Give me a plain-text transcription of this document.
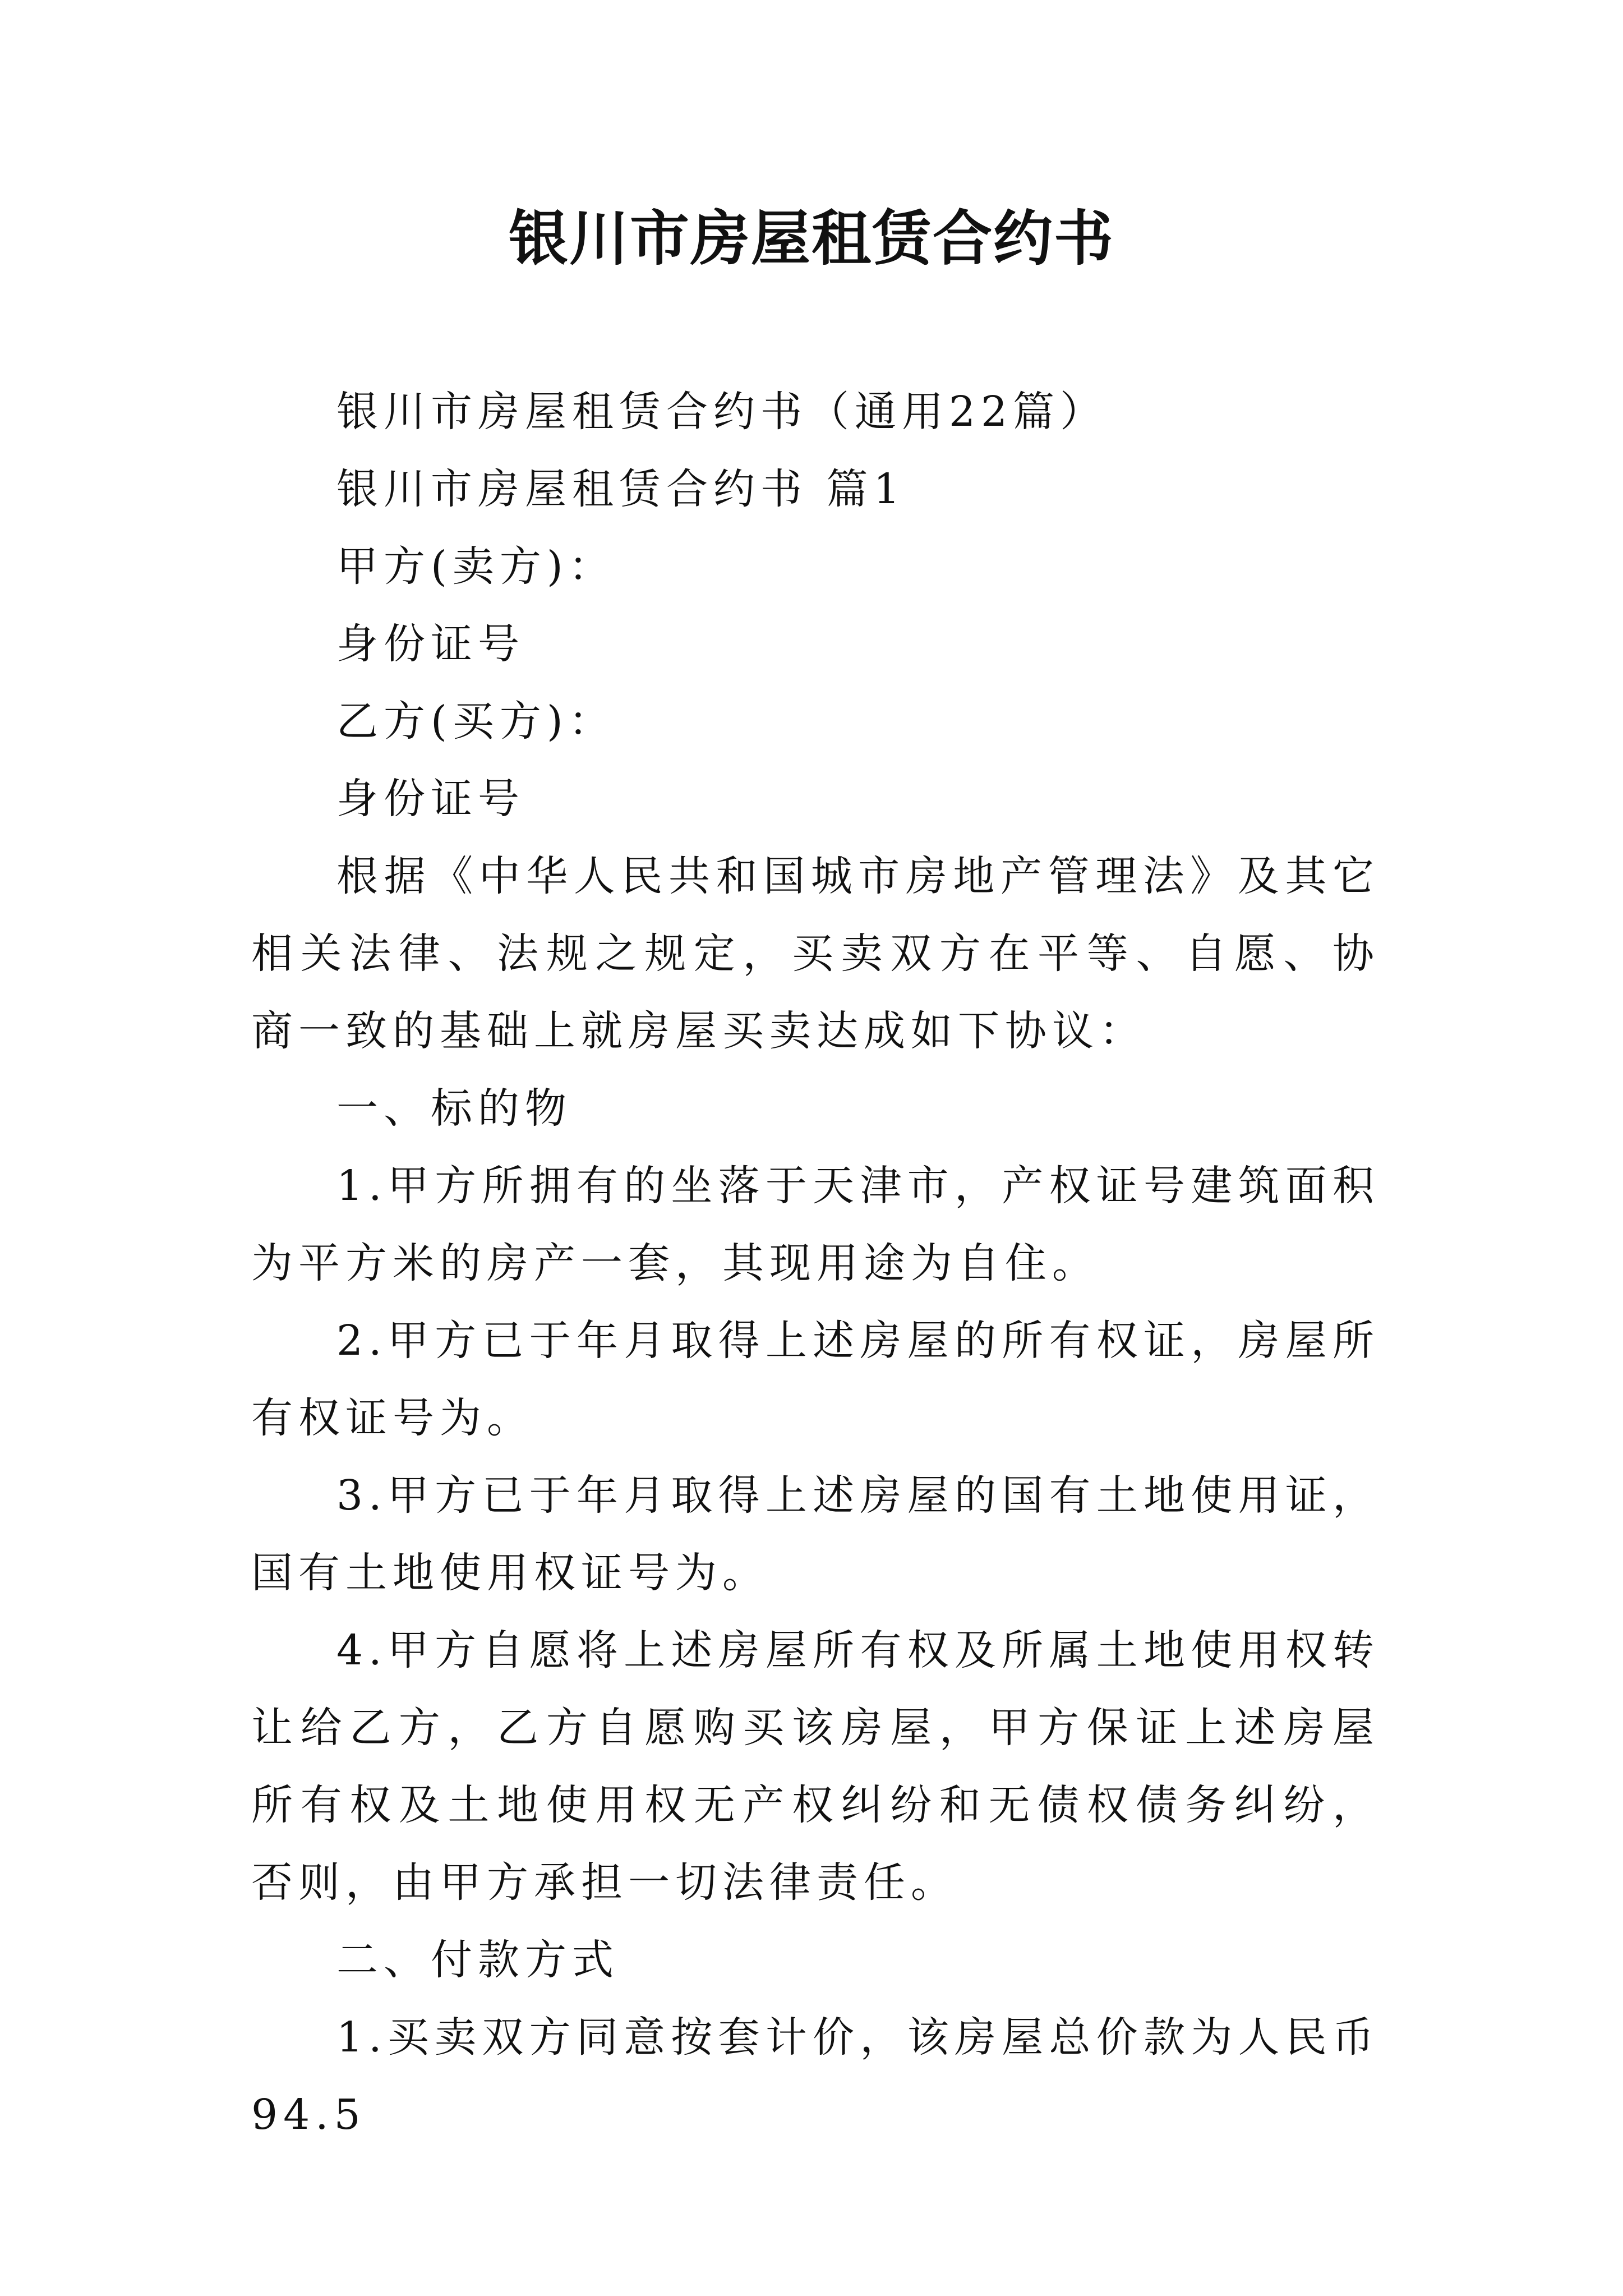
银川市房屋租赁合约书

银川市房屋租赁合约书（通用22篇）

银川市房屋租赁合约书 篇1

甲方(卖方)：

身份证号

乙方(买方)：

身份证号

根据《中华人民共和国城市房地产管理法》及其它相关法律、法规之规定，买卖双方在平等、自愿、协商一致的基础上就房屋买卖达成如下协议：

一、标的物

1.甲方所拥有的坐落于天津市，产权证号建筑面积为平方米的房产一套，其现用途为自住。

2.甲方已于年月取得上述房屋的所有权证，房屋所有权证号为。

3.甲方已于年月取得上述房屋的国有土地使用证，国有土地使用权证号为。

4.甲方自愿将上述房屋所有权及所属土地使用权转让给乙方，乙方自愿购买该房屋，甲方保证上述房屋所有权及土地使用权无产权纠纷和无债权债务纠纷，否则，由甲方承担一切法律责任。

二、付款方式

1.买卖双方同意按套计价，该房屋总价款为人民币94.5
